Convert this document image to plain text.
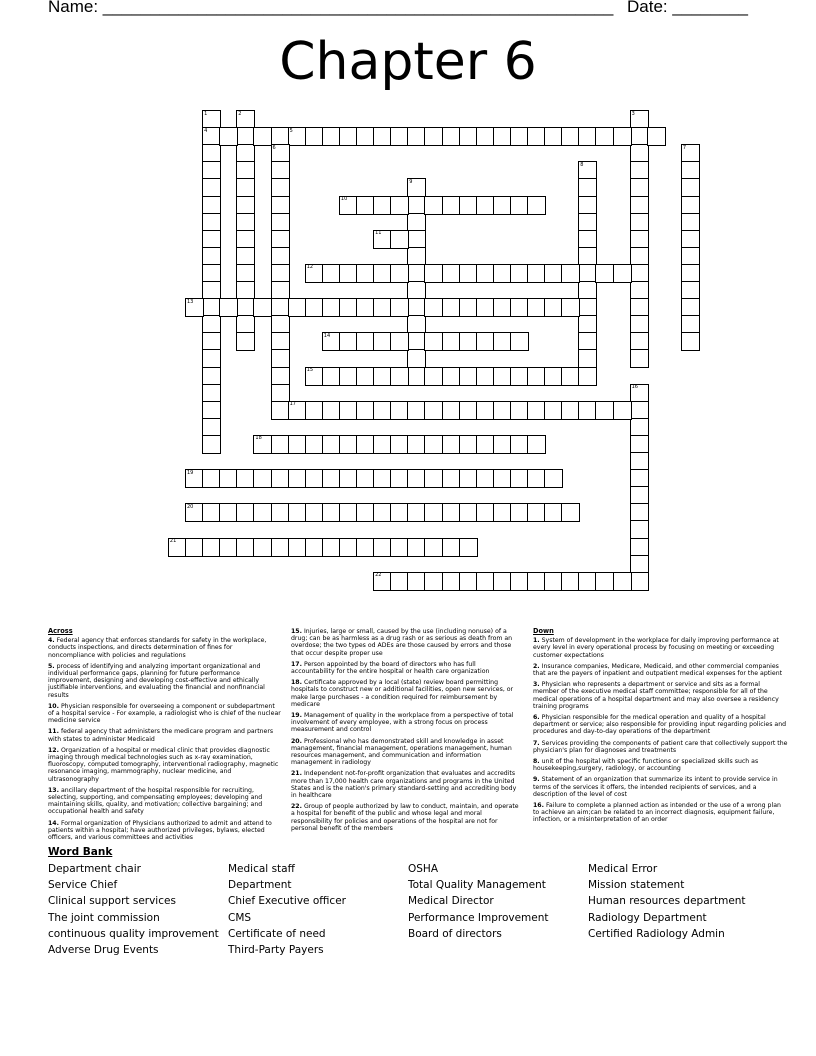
Name: ______________________________________________________ Date: ________
Chapter 6
1	2	3
4	5
6	7
8
9
10
11
12
13
14
15
16
17
18
19
20
21
22
Across
4. Federal agency that enforces standards for safety in the workplace, conducts inspections, and directs determination of fines for noncompliance with policies and regulations
5. process of identifying and analyzing important organizational and individual performance gaps, planning for future performance improvement, designing and developing cost-effective and ethically justifiable interventions, and evaluating the financial and nonfinancial results
10. Physician responsible for overseeing a component or subdepartment of a hospital service - For example, a radiologist who is chief of the nuclear medicine service
11. federal agency that administers the medicare program and partners with states to administer Medicaid
12. Organization of a hospital or medical clinic that provides diagnostic imaging through medical technologies such as x-ray examination, fluoroscopy, computed tomography, interventional radiography, magnetic resonance imaging, mammography, nuclear medicine, and ultrasonography
13. ancillary department of the hospital responsible for recruiting, selecting, supporting, and compensating employees; developing and maintaining skills, quality, and motivation; collective bargaining; and occupational health and safety
14. Formal organization of Physicians authorized to admit and attend to patients within a hospital; have authorized privileges, bylaws, elected officers, and various committees and activities
15. Injuries, large or small, caused by the use (including nonuse) of a drug; can be as harmless as a drug rash or as serious as death from an overdose; the two types od ADEs are those caused by errors and those that occur despite proper use
17. Person appointed by the board of directors who has full accountability for the entire hospital or health care organization
18. Certificate approved by a local (state) review board permitting hospitals to construct new or additional facilities, open new services, or make large purchases - a condition required for reimbursement by medicare
19. Management of quality in the workplace from a perspective of total involvement of every employee, with a strong focus on process measurement and control
20. Professional who has demonstrated skill and knowledge in asset management, financial management, operations management, human resources management, and communication and information management in radiology
21. Independent not-for-profit organization that evaluates and accredits more than 17,000 health care organizations and programs in the United States and is the nation's primary standard-setting and accrediting body in healthcare
22. Group of people authorized by law to conduct, maintain, and operate a hospital for benefit of the public and whose legal and moral responsibility for policies and operations of the hospital are not for personal benefit of the members
Down
1. System of development in the workplace for daily improving performance at every level in every operational process by focusing on meeting or exceeding customer expectations
2. Insurance companies, Medicare, Medicaid, and other commercial companies that are the payers of inpatient and outpatient medical expenses for the aptient
3. Physician who represents a department or service and sits as a formal member of the executive medical staff committee; responsible for all of the medical operations of a hospital department and may also oversee a residency training programs
6. Physician responsible for the medical operation and quality of a hospital department or service; also responsible for providing input regarding policies and procedures and day-to-day operations of the department
7. Services providing the components of patient care that collectively support the physician's plan for diagnoses and treatments
8. unit of the hospital with specific functions or specialized skills such as housekeeping,surgery, radiology, or accounting
9. Statement of an organization that summarize its intent to provide service in terms of the services it offers, the intended recipients of services, and a description of the level of cost
16. Failure to complete a planned action as intended or the use of a wrong plan to achieve an aim;can be related to an incorrect diagnosis, equipment failure, infection, or a misinterpretation of an order
Word Bank
Department chair
Service Chief
Clinical support services
The joint commission
continuous quality improvement
Adverse Drug Events
Medical staff
Department
Chief Executive officer
CMS
Certificate of need
Third-Party Payers
OSHA
Total Quality Management
Medical Director
Performance Improvement
Board of directors
Medical Error
Mission statement
Human resources department
Radiology Department
Certified Radiology Admin
